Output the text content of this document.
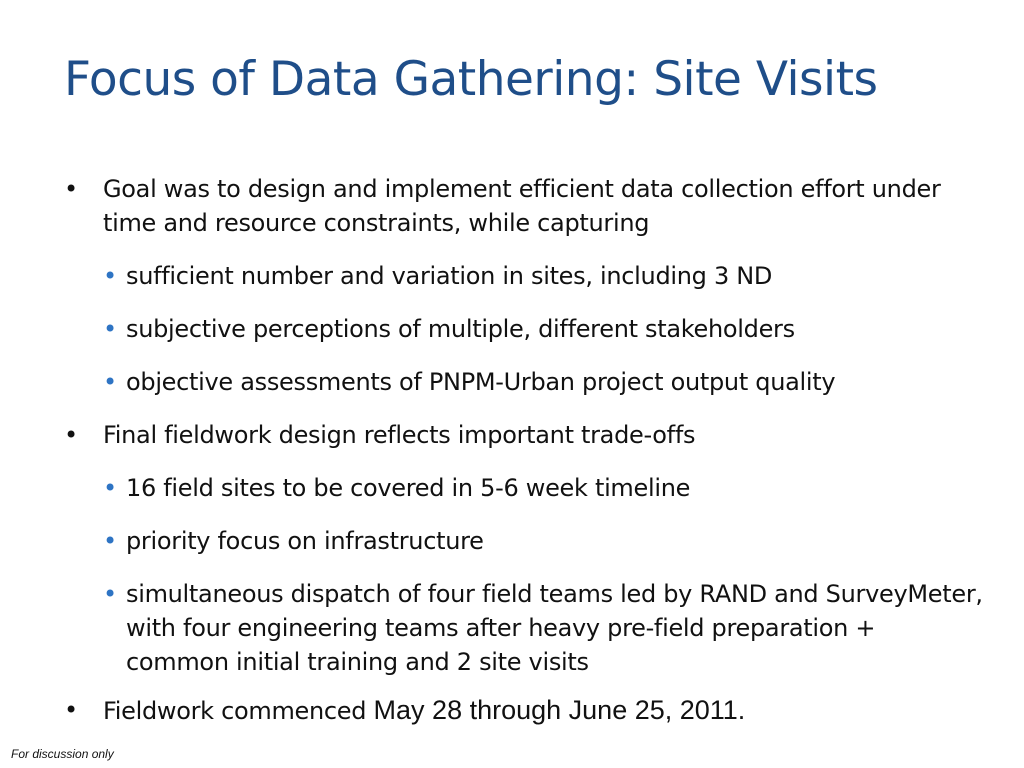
Focus of Data Gathering: Site Visits
• Goal was to design and implement efficient data collection effort under time and resource constraints, while capturing
• sufficient number and variation in sites, including 3 ND
• subjective perceptions of multiple, different stakeholders
• objective assessments of PNPM-Urban project output quality
• Final fieldwork design reflects important trade-offs
• 16 field sites to be covered in 5-6 week timeline
• priority focus on infrastructure
• simultaneous dispatch of four field teams led by RAND and SurveyMeter, with four engineering teams after heavy pre-field preparation + common initial training and 2 site visits
• Fieldwork commenced May 28 through June 25, 2011.
For discussion only
